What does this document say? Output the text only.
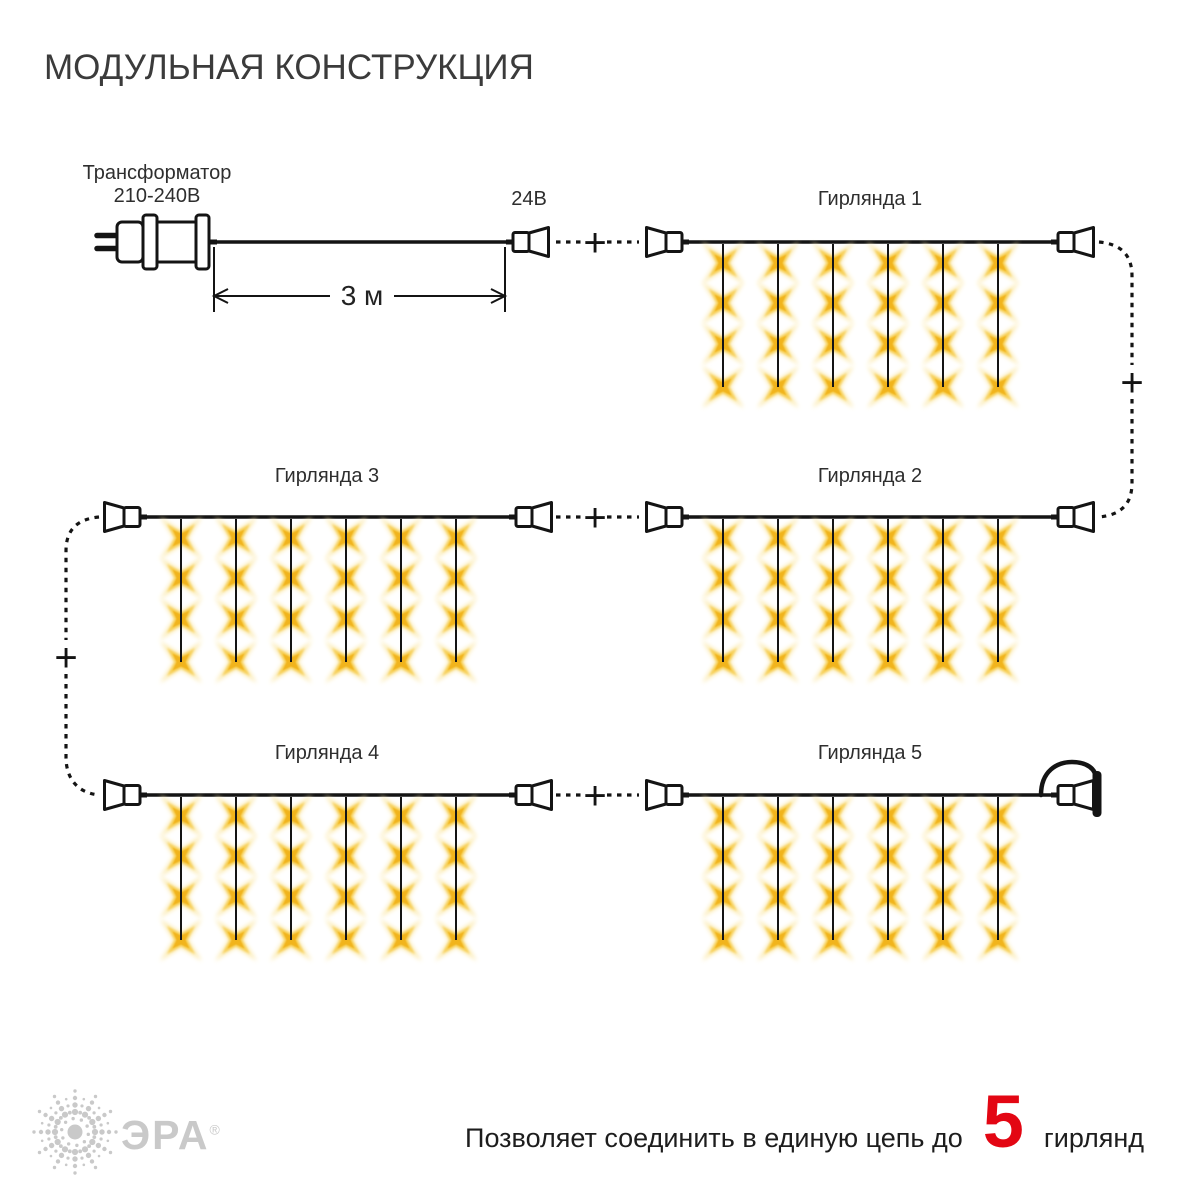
+
+
+
+
+
МОДУЛЬНАЯ КОНСТРУКЦИЯ
Трансформатор
210-240В	24В
3 м
Гирлянда 1
Гирлянда 2
Гирлянда 3
Гирлянда 4	Гирлянда 5
Позволяет соединить в единую цепь до 5 гирлянд
ЭРА®
